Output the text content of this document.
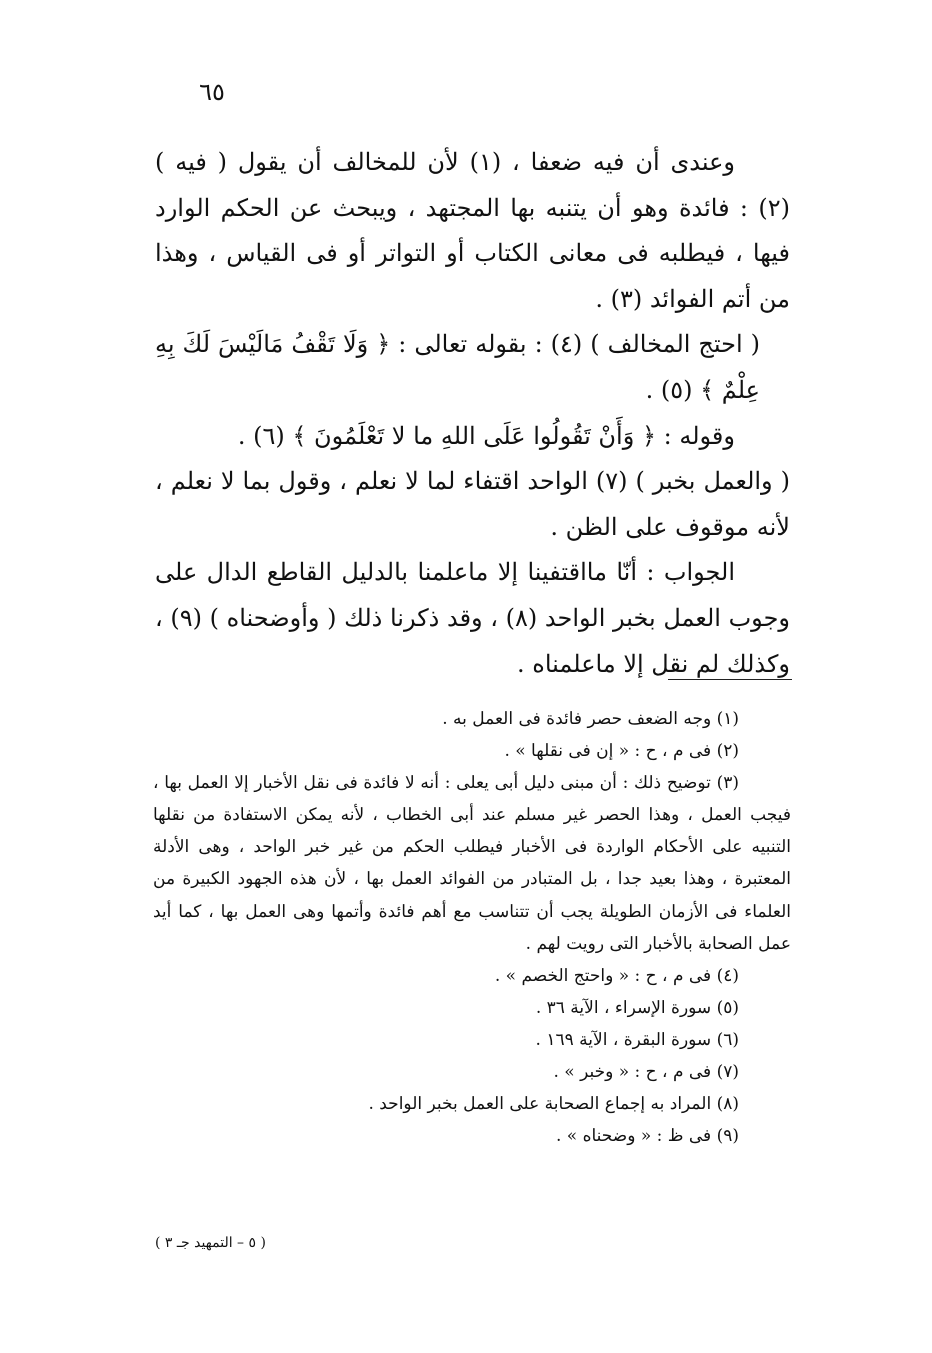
٦٥

وعندى أن فيه ضعفا ، (١) لأن للمخالف أن يقول ( فيه ) (٢) : فائدة وهو أن يتنبه بها المجتهد ، ويبحث عن الحكم الوارد فيها ، فيطلبه فى معانى الكتاب أو التواتر أو فى القياس ، وهذا من أتم الفوائد (٣) .

( احتج المخالف ) (٤) : بقوله تعالى : ﴿ وَلَا تَقْفُ مَالَيْسَ لَكَ بِهِ عِلْمٌ ﴾ (٥) .

وقوله : ﴿ وَأَنْ تَقُولُوا عَلَى اللهِ ما لا تَعْلَمُونَ ﴾ (٦) .

( والعمل بخبر ) (٧) الواحد اقتفاء لما لا نعلم ، وقول بما لا نعلم ، لأنه موقوف على الظن .

الجواب : أنّا مااقتفينا إلا ماعلمنا بالدليل القاطع الدال على وجوب العمل بخبر الواحد (٨) ، وقد ذكرنا ذلك ( وأوضحناه ) (٩) ، وكذلك لم نقل إلا ماعلمناه .

(١) وجه الضعف حصر فائدة فى العمل به .

(٢) فى م ، ح : « إن فى نقلها » .

(٣) توضيح ذلك : أن مبنى دليل أبى يعلى : أنه لا فائدة فى نقل الأخبار إلا العمل بها ، فيجب العمل ، وهذا الحصر غير مسلم عند أبى الخطاب ، لأنه يمكن الاستفادة من نقلها التنبيه على الأحكام الواردة فى الأخبار فيطلب الحكم من غير خبر الواحد ، وهى الأدلة المعتبرة ، وهذا بعيد جدا ، بل المتبادر من الفوائد العمل بها ، لأن هذه الجهود الكبيرة من العلماء فى الأزمان الطويلة يجب أن تتناسب مع أهم فائدة وأتمها وهى العمل بها ، كما أيد عمل الصحابة بالأخبار التى رويت لهم .

(٤) فى م ، ح : « واحتج الخصم » .

(٥) سورة الإسراء ، الآية ٣٦ .

(٦) سورة البقرة ، الآية ١٦٩ .

(٧) فى م ، ح : « وخبر » .

(٨) المراد به إجماع الصحابة على العمل بخبر الواحد .

(٩) فى ظ : « وضحناه » .

( ٥ – التمهيد جـ ٣ )
